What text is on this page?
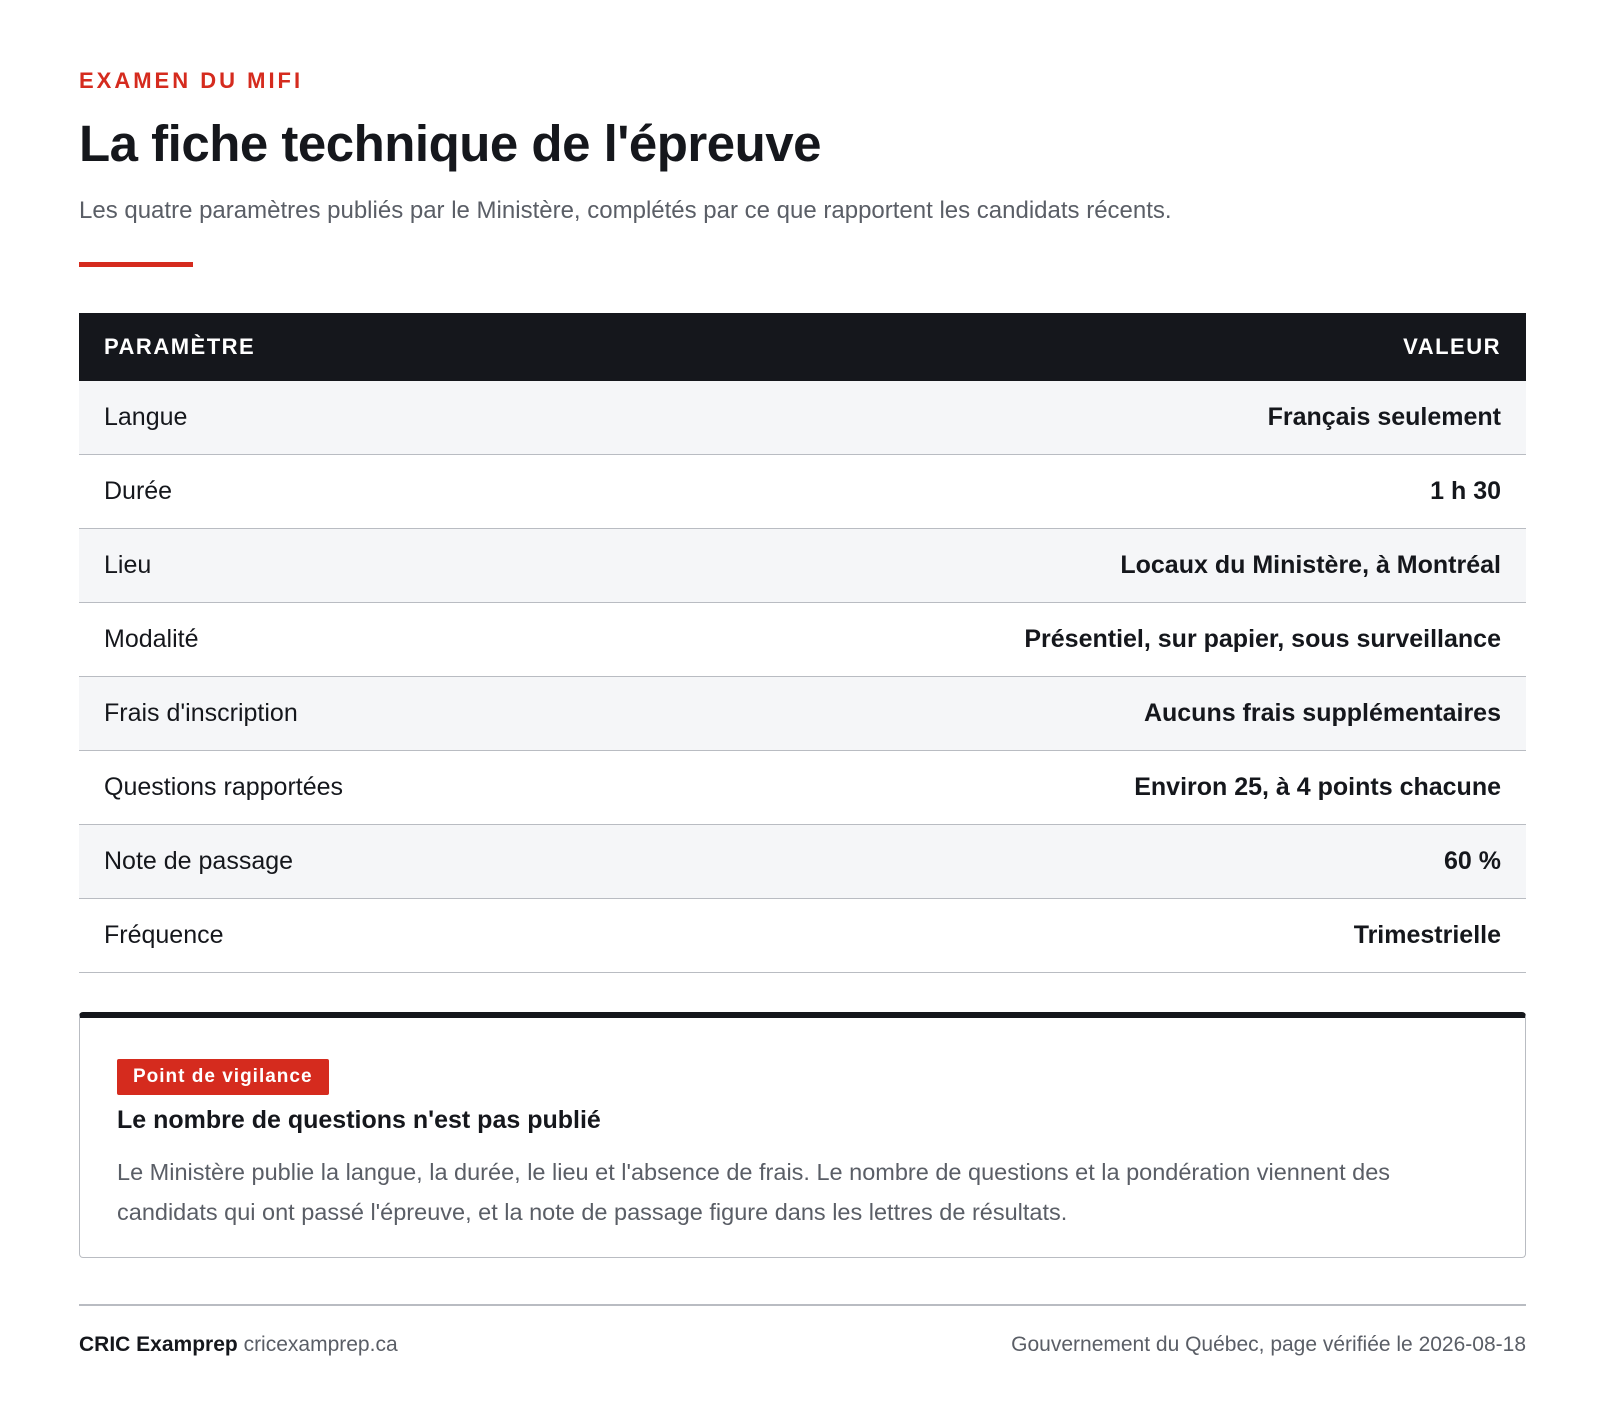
EXAMEN DU MIFI
La fiche technique de l'épreuve

Les quatre paramètres publiés par le Ministère, complétés par ce que rapportent les candidats récents.

PARAMÈTRE	VALEUR
Langue	Français seulement
Durée	1 h 30
Lieu	Locaux du Ministère, à Montréal
Modalité	Présentiel, sur papier, sous surveillance
Frais d'inscription	Aucuns frais supplémentaires
Questions rapportées	Environ 25, à 4 points chacune
Note de passage	60 %
Fréquence	Trimestrielle
Point de vigilance
Le nombre de questions n'est pas publié

Le Ministère publie la langue, la durée, le lieu et l'absence de frais. Le nombre de questions et la pondération viennent des candidats qui ont passé l'épreuve, et la note de passage figure dans les lettres de résultats.

CRIC Examprep cricexamprep.ca	Gouvernement du Québec, page vérifiée le 2026-08-18
